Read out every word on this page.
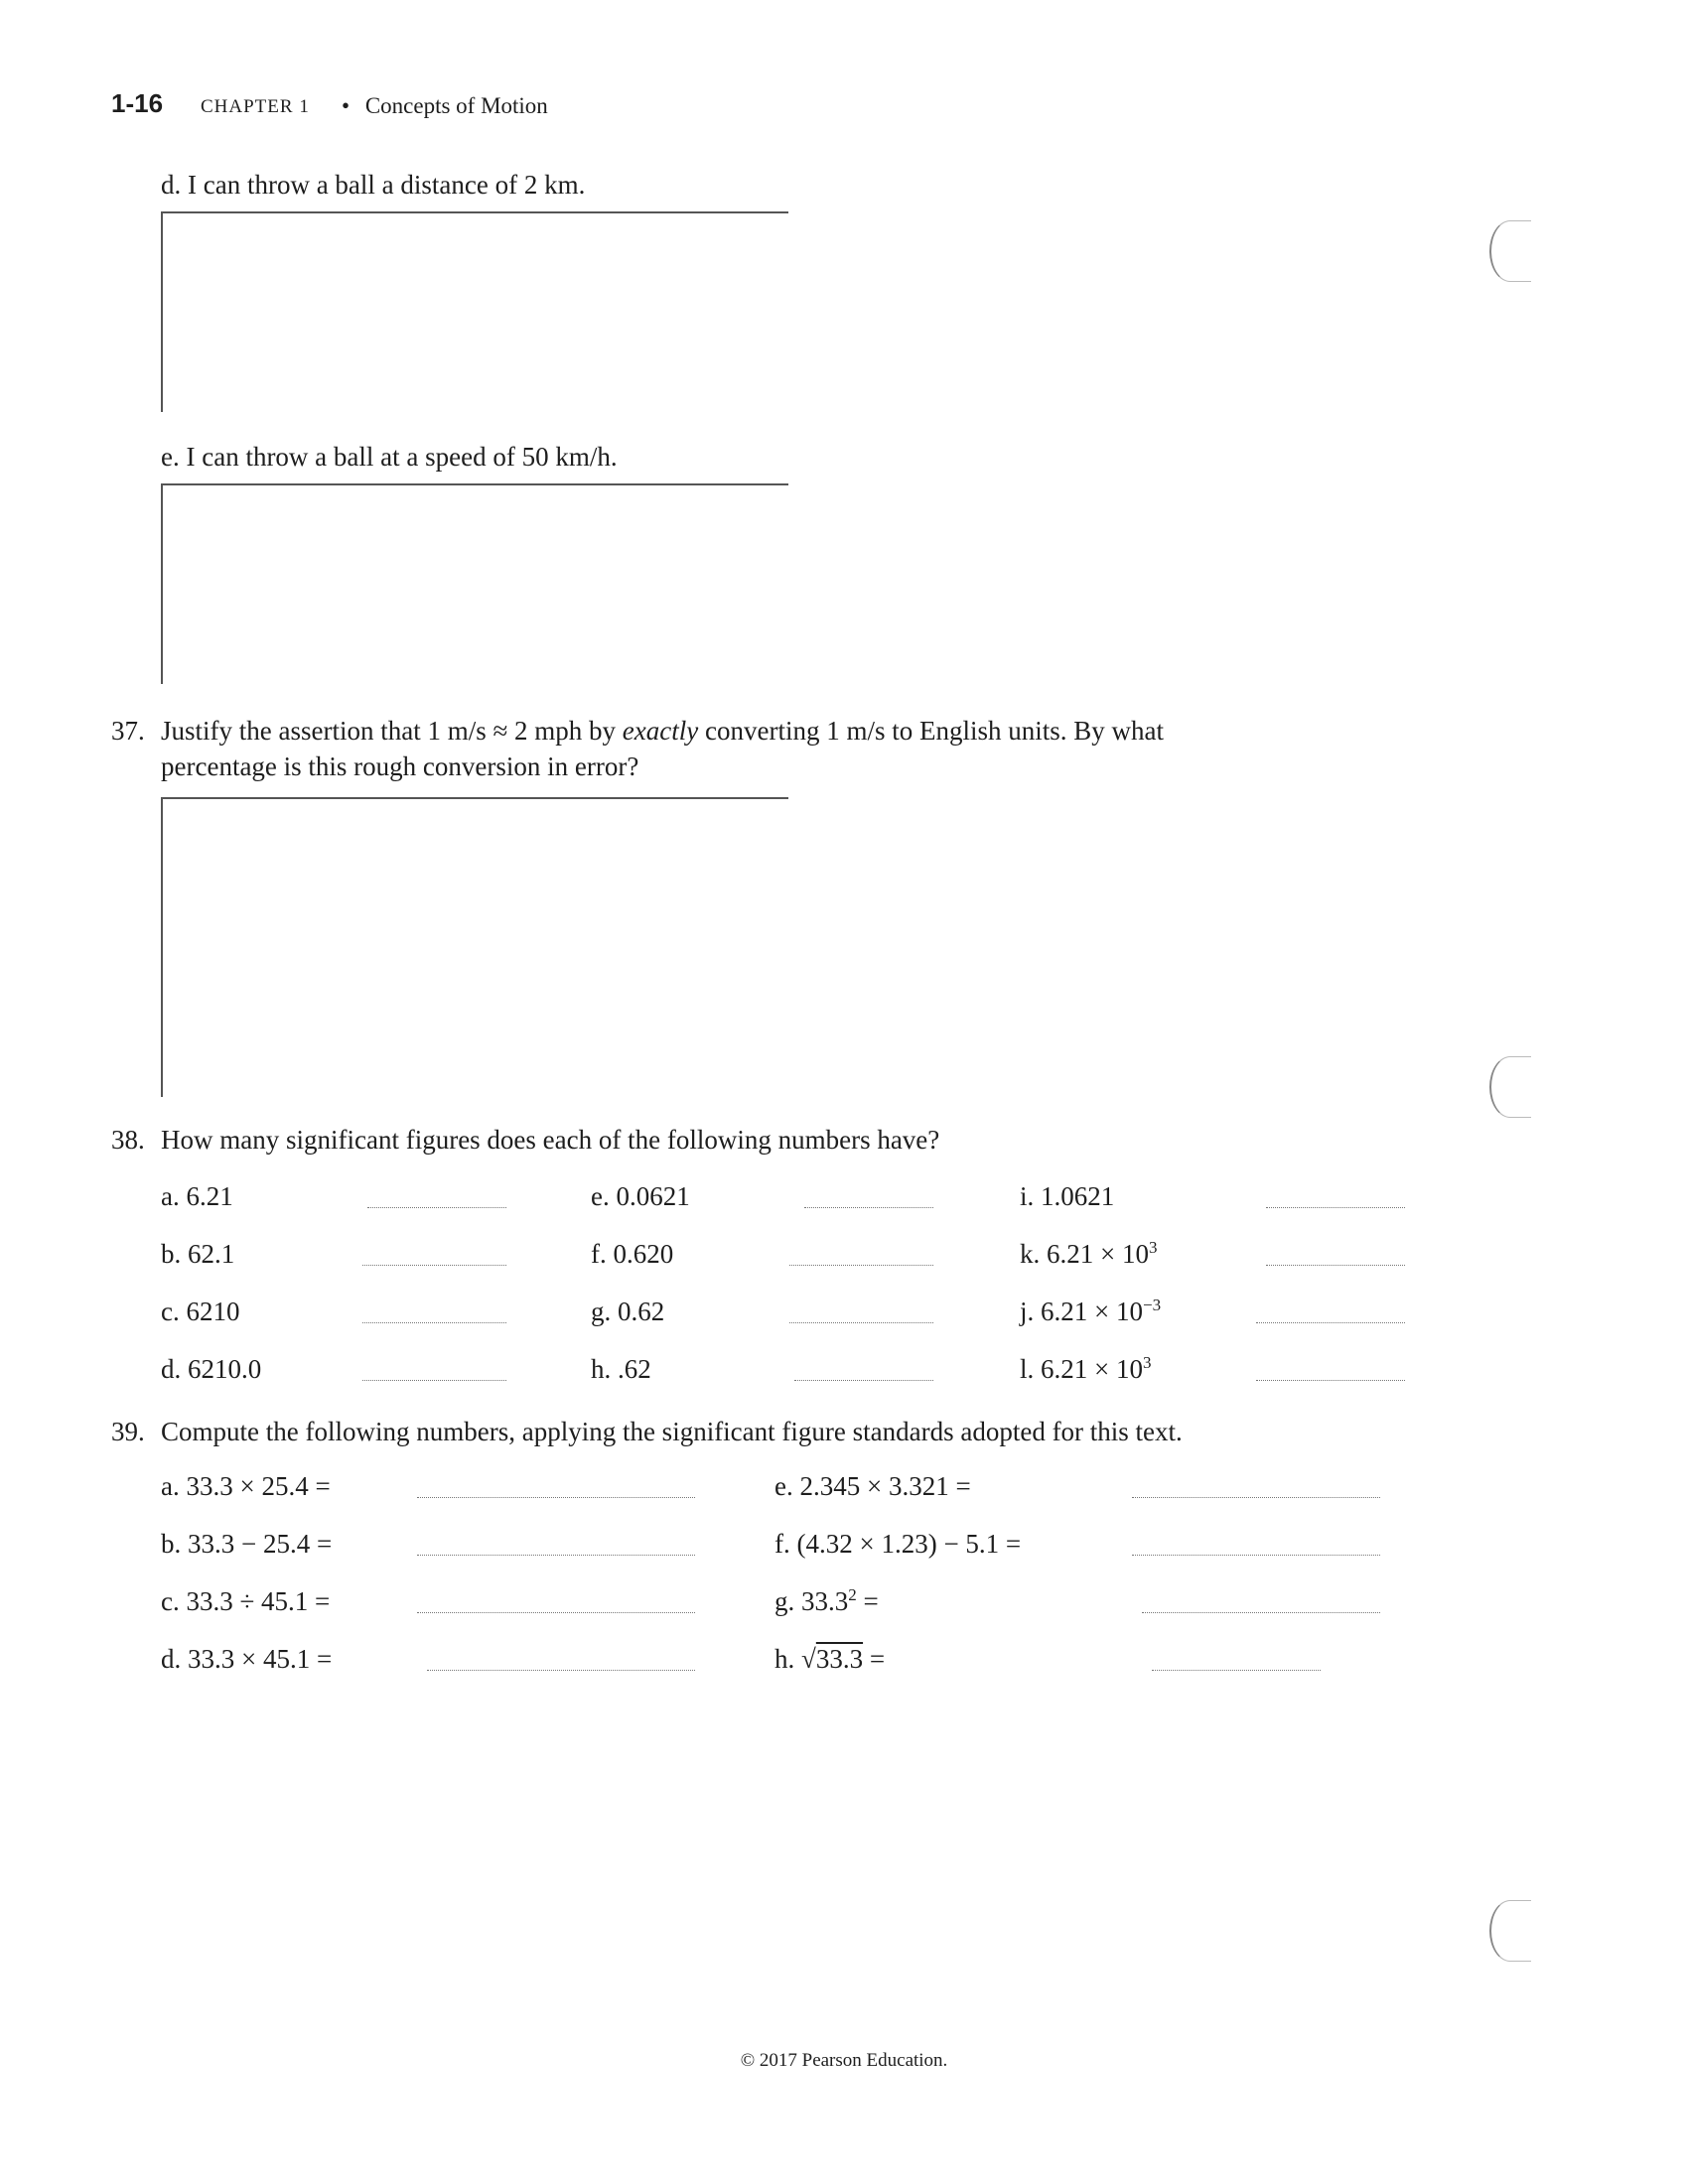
1-16 CHAPTER 1 • Concepts of Motion
d. I can throw a ball a distance of 2 km.
e. I can throw a ball at a speed of 50 km/h.
37. Justify the assertion that 1 m/s ≈ 2 mph by exactly converting 1 m/s to English units. By what
percentage is this rough conversion in error?
38. How many significant figures does each of the following numbers have?
a. 6.21
b. 62.1
c. 6210
d. 6210.0
e. 0.0621
f. 0.620
g. 0.62
h. .62
i. 1.0621
k. $6.21 \times 10^3$
j. $6.21 \times 10^{-3}$
l. $6.21 \times 10^3$
39. Compute the following numbers, applying the significant figure standards adopted for this text.
a. 33.3 × 25.4 =
b. 33.3 − 25.4 =
c. 33.3 ÷ 45.1 =
d. 33.3 × 45.1 =
e. 2.345 × 3.321 =
f. (4.32 × 1.23) − 5.1 =
g. $33.3^2$ =
h. √33.3 =
© 2017 Pearson Education.
